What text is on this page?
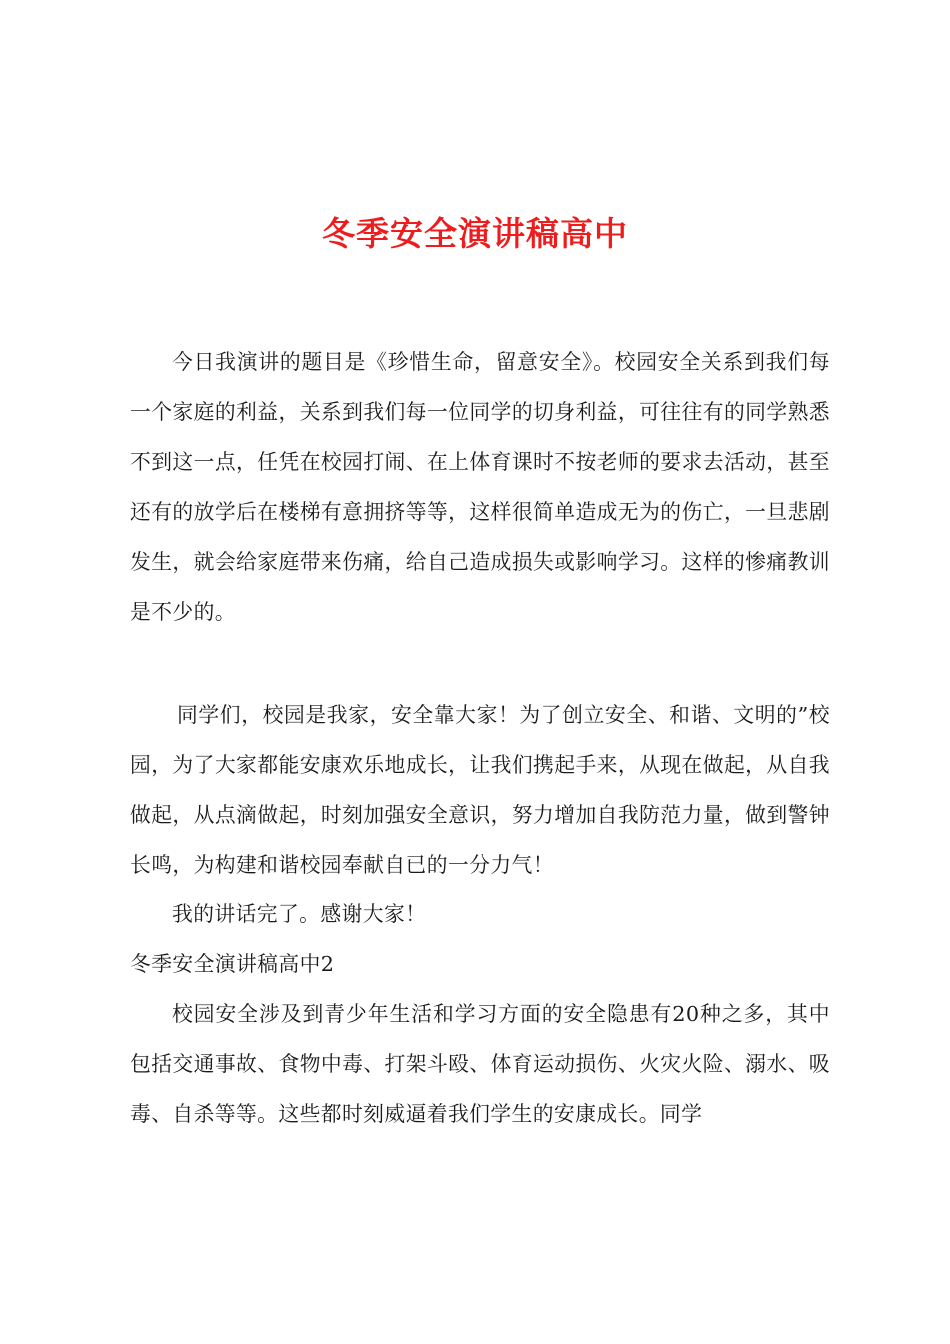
冬季安全演讲稿高中

今日我演讲的题目是《珍惜生命，留意安全》。校园安全关系到我们每一个家庭的利益，关系到我们每一位同学的切身利益，可往往有的同学熟悉不到这一点，任凭在校园打闹、在上体育课时不按老师的要求去活动，甚至还有的放学后在楼梯有意拥挤等等，这样很简单造成无为的伤亡，一旦悲剧发生，就会给家庭带来伤痛，给自己造成损失或影响学习。这样的惨痛教训是不少的。

同学们，校园是我家，安全靠大家！为了创立安全、和谐、文明的”校园，为了大家都能安康欢乐地成长，让我们携起手来，从现在做起，从自我做起，从点滴做起，时刻加强安全意识，努力增加自我防范力量，做到警钟长鸣，为构建和谐校园奉献自已的一分力气！

我的讲话完了。感谢大家！

冬季安全演讲稿高中2

校园安全涉及到青少年生活和学习方面的安全隐患有20种之多，其中包括交通事故、食物中毒、打架斗殴、体育运动损伤、火灾火险、溺水、吸毒、自杀等等。这些都时刻威逼着我们学生的安康成长。同学
